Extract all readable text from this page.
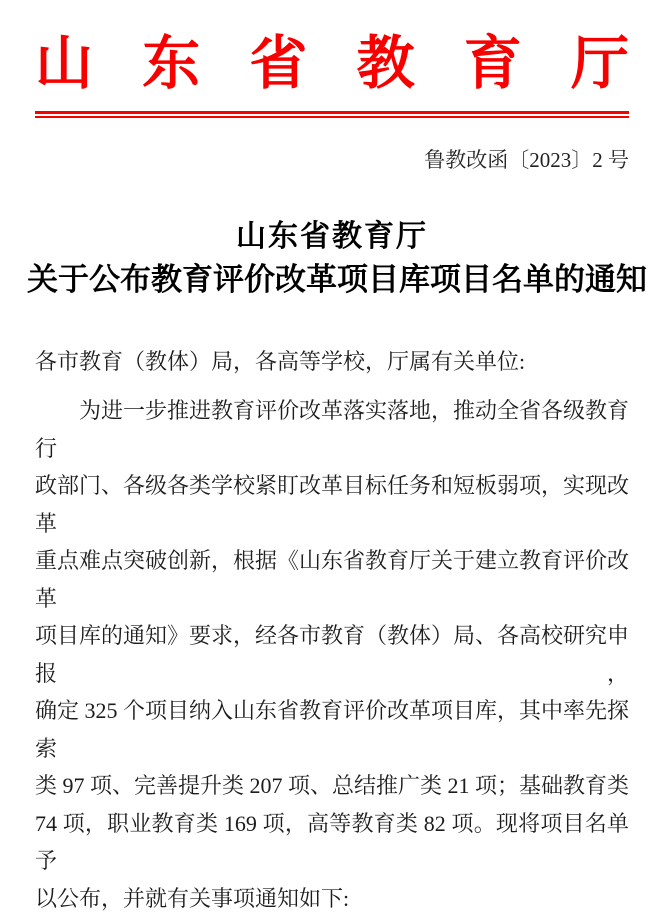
山 东 省 教 育 厅
鲁教改函〔2023〕2 号
山东省教育厅
关于公布教育评价改革项目库项目名单的通知
各市教育（教体）局，各高等学校，厅属有关单位:
为进一步推进教育评价改革落实落地，推动全省各级教育行
政部门、各级各类学校紧盯改革目标任务和短板弱项，实现改革
重点难点突破创新，根据《山东省教育厅关于建立教育评价改革
项目库的通知》要求，经各市教育（教体）局、各高校研究申报，
确定 325 个项目纳入山东省教育评价改革项目库，其中率先探索
类 97 项、完善提升类 207 项、总结推广类 21 项；基础教育类
74 项，职业教育类 169 项，高等教育类 82 项。现将项目名单予
以公布，并就有关事项通知如下:
